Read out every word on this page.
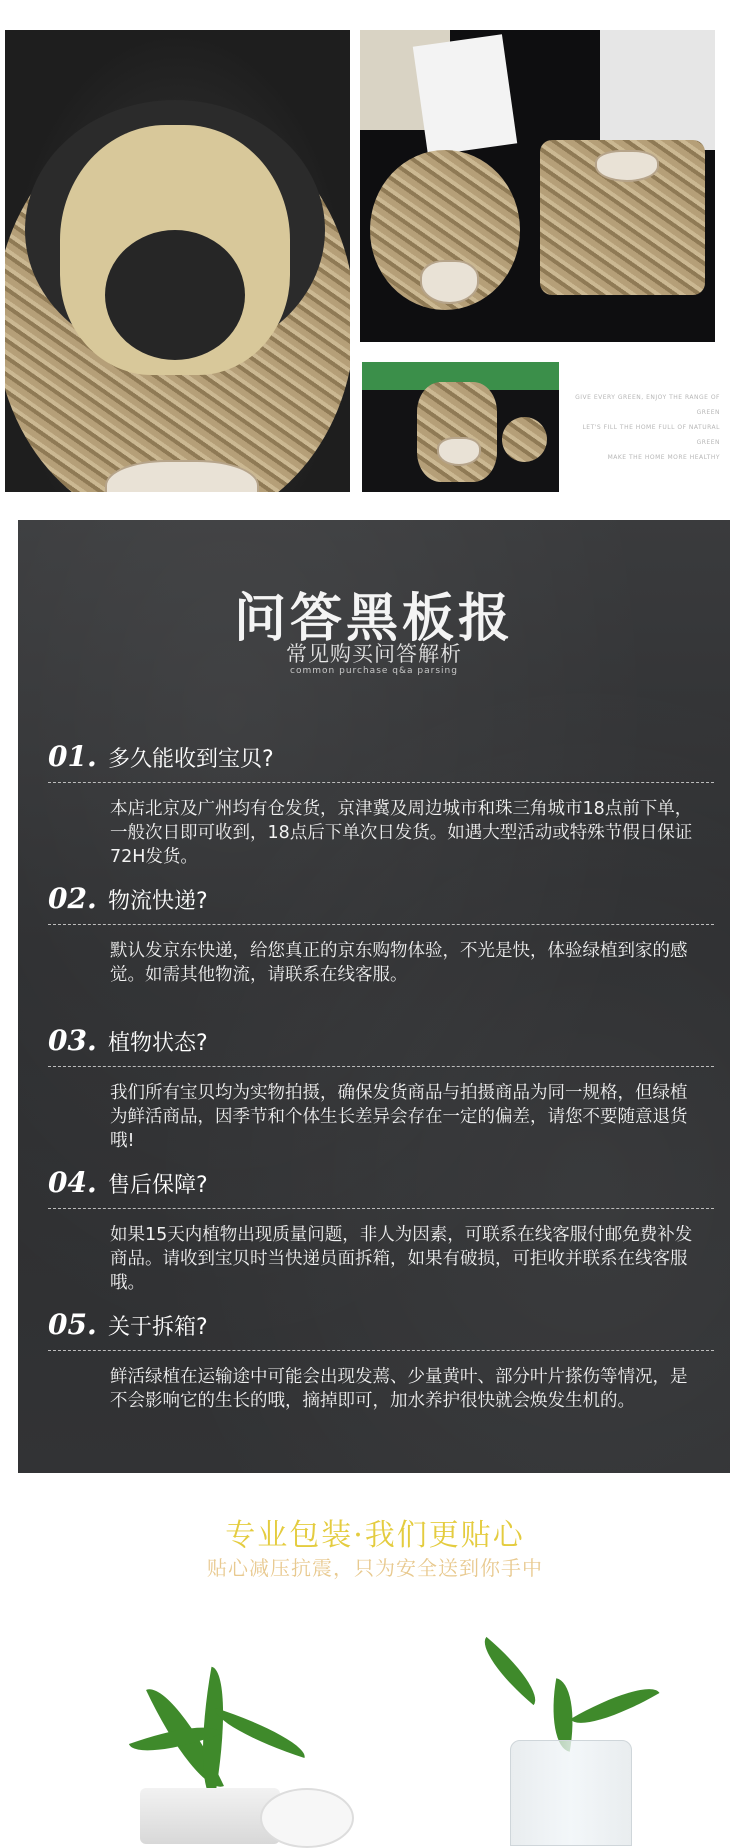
GIVE EVERY GREEN, ENJOY THE RANGE OF GREEN
LET'S FILL THE HOME FULL OF NATURAL GREEN
MAKE THE HOME MORE HEALTHY
问答黑板报
常见购买问答解析
common purchase q&a parsing
01. 多久能收到宝贝?
本店北京及广州均有仓发货，京津冀及周边城市和珠三角城市18点前下单，一般次日即可收到，18点后下单次日发货。如遇大型活动或特殊节假日保证72H发货。
02. 物流快递?
默认发京东快递，给您真正的京东购物体验，不光是快，体验绿植到家的感觉。如需其他物流，请联系在线客服。
03. 植物状态?
我们所有宝贝均为实物拍摄，确保发货商品与拍摄商品为同一规格，但绿植为鲜活商品，因季节和个体生长差异会存在一定的偏差，请您不要随意退货哦!
04. 售后保障?
如果15天内植物出现质量问题，非人为因素，可联系在线客服付邮免费补发商品。请收到宝贝时当快递员面拆箱，如果有破损，可拒收并联系在线客服哦。
05. 关于拆箱?
鲜活绿植在运输途中可能会出现发蔫、少量黄叶、部分叶片搽伤等情况，是不会影响它的生长的哦，摘掉即可，加水养护很快就会焕发生机的。
专业包装·我们更贴心
贴心减压抗震，只为安全送到你手中
